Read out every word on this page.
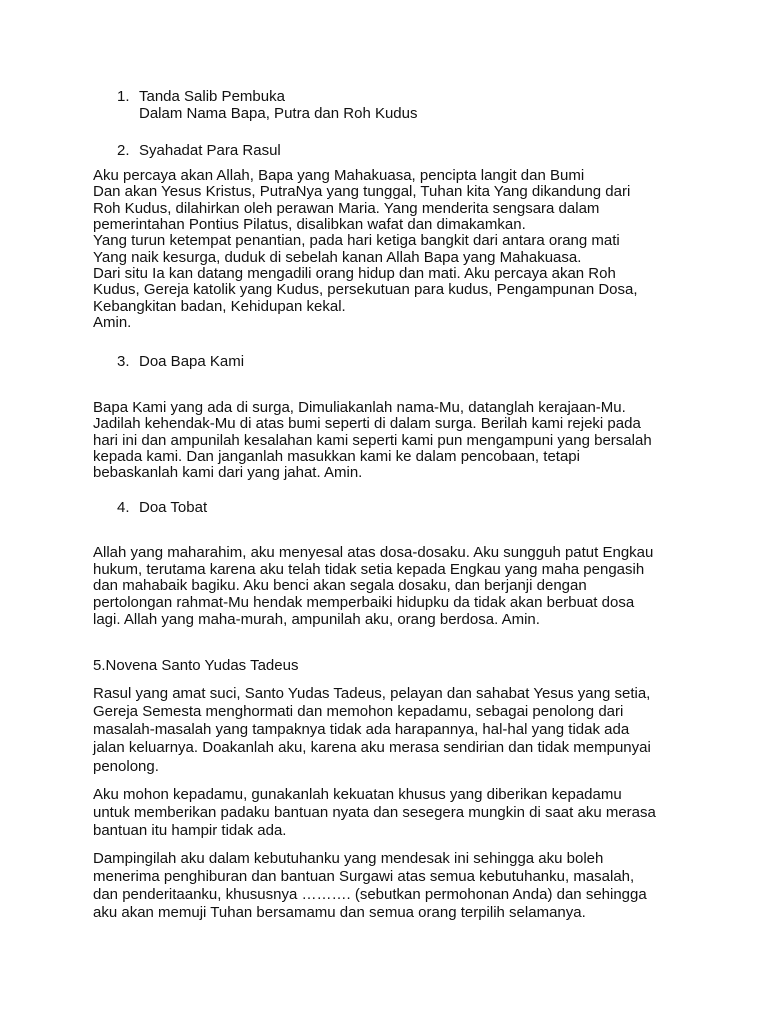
1. Tanda Salib Pembuka
Dalam Nama Bapa, Putra dan Roh Kudus
2. Syahadat Para Rasul
Aku percaya akan Allah, Bapa yang Mahakuasa, pencipta langit dan Bumi
Dan akan Yesus Kristus, PutraNya yang tunggal, Tuhan kita Yang dikandung dari
Roh Kudus, dilahirkan oleh perawan Maria. Yang menderita sengsara dalam
pemerintahan Pontius Pilatus, disalibkan wafat dan dimakamkan.
Yang turun ketempat penantian, pada hari ketiga bangkit dari antara orang mati
Yang naik kesurga, duduk di sebelah kanan Allah Bapa yang Mahakuasa.
Dari situ Ia kan datang mengadili orang hidup dan mati. Aku percaya akan Roh
Kudus, Gereja katolik yang Kudus, persekutuan para kudus, Pengampunan Dosa,
Kebangkitan badan, Kehidupan kekal.
Amin.
3. Doa Bapa Kami
Bapa Kami yang ada di surga, Dimuliakanlah nama-Mu, datanglah kerajaan-Mu.
Jadilah kehendak-Mu di atas bumi seperti di dalam surga. Berilah kami rejeki pada
hari ini dan ampunilah kesalahan kami seperti kami pun mengampuni yang bersalah
kepada kami. Dan janganlah masukkan kami ke dalam pencobaan, tetapi
bebaskanlah kami dari yang jahat. Amin.
4. Doa Tobat
Allah yang maharahim, aku menyesal atas dosa-dosaku. Aku sungguh patut Engkau
hukum, terutama karena aku telah tidak setia kepada Engkau yang maha pengasih
dan mahabaik bagiku. Aku benci akan segala dosaku, dan berjanji dengan
pertolongan rahmat-Mu hendak memperbaiki hidupku da tidak akan berbuat dosa
lagi. Allah yang maha-murah, ampunilah aku, orang berdosa. Amin.
5.Novena Santo Yudas Tadeus
Rasul yang amat suci, Santo Yudas Tadeus, pelayan dan sahabat Yesus yang setia,
Gereja Semesta menghormati dan memohon kepadamu, sebagai penolong dari
masalah-masalah yang tampaknya tidak ada harapannya, hal-hal yang tidak ada
jalan keluarnya. Doakanlah aku, karena aku merasa sendirian dan tidak mempunyai
penolong.
Aku mohon kepadamu, gunakanlah kekuatan khusus yang diberikan kepadamu
untuk memberikan padaku bantuan nyata dan sesegera mungkin di saat aku merasa
bantuan itu hampir tidak ada.
Dampingilah aku dalam kebutuhanku yang mendesak ini sehingga aku boleh
menerima penghiburan dan bantuan Surgawi atas semua kebutuhanku, masalah,
dan penderitaanku, khususnya ………. (sebutkan permohonan Anda) dan sehingga
aku akan memuji Tuhan bersamamu dan semua orang terpilih selamanya.
